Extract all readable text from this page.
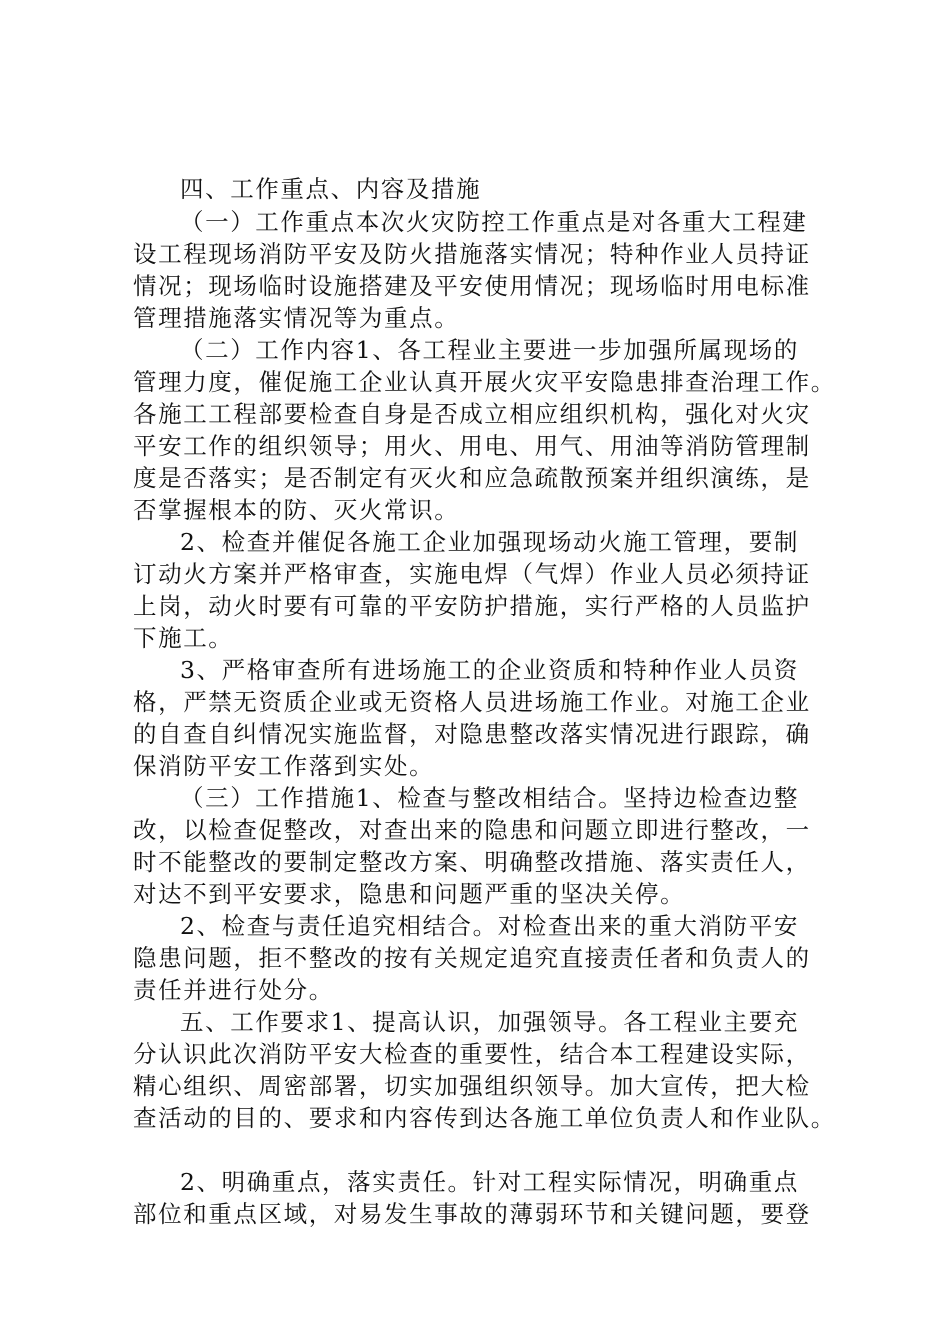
四、工作重点、内容及措施
（一）工作重点本次火灾防控工作重点是对各重大工程建
设工程现场消防平安及防火措施落实情况；特种作业人员持证
情况；现场临时设施搭建及平安使用情况；现场临时用电标准
管理措施落实情况等为重点。
（二）工作内容1、各工程业主要进一步加强所属现场的
管理力度，催促施工企业认真开展火灾平安隐患排查治理工作。
各施工工程部要检查自身是否成立相应组织机构，强化对火灾
平安工作的组织领导；用火、用电、用气、用油等消防管理制
度是否落实；是否制定有灭火和应急疏散预案并组织演练，是
否掌握根本的防、灭火常识。
2、检查并催促各施工企业加强现场动火施工管理，要制
订动火方案并严格审查，实施电焊（气焊）作业人员必须持证
上岗，动火时要有可靠的平安防护措施，实行严格的人员监护
下施工。
3、严格审查所有进场施工的企业资质和特种作业人员资
格，严禁无资质企业或无资格人员进场施工作业。对施工企业
的自查自纠情况实施监督，对隐患整改落实情况进行跟踪，确
保消防平安工作落到实处。
（三）工作措施1、检查与整改相结合。坚持边检查边整
改，以检查促整改，对查出来的隐患和问题立即进行整改，一
时不能整改的要制定整改方案、明确整改措施、落实责任人，
对达不到平安要求，隐患和问题严重的坚决关停。
2、检查与责任追究相结合。对检查出来的重大消防平安
隐患问题，拒不整改的按有关规定追究直接责任者和负责人的
责任并进行处分。
五、工作要求1、提高认识，加强领导。各工程业主要充
分认识此次消防平安大检查的重要性，结合本工程建设实际，
精心组织、周密部署，切实加强组织领导。加大宣传，把大检
查活动的目的、要求和内容传到达各施工单位负责人和作业队。
2、明确重点，落实责任。针对工程实际情况，明确重点
部位和重点区域，对易发生事故的薄弱环节和关键问题，要登
